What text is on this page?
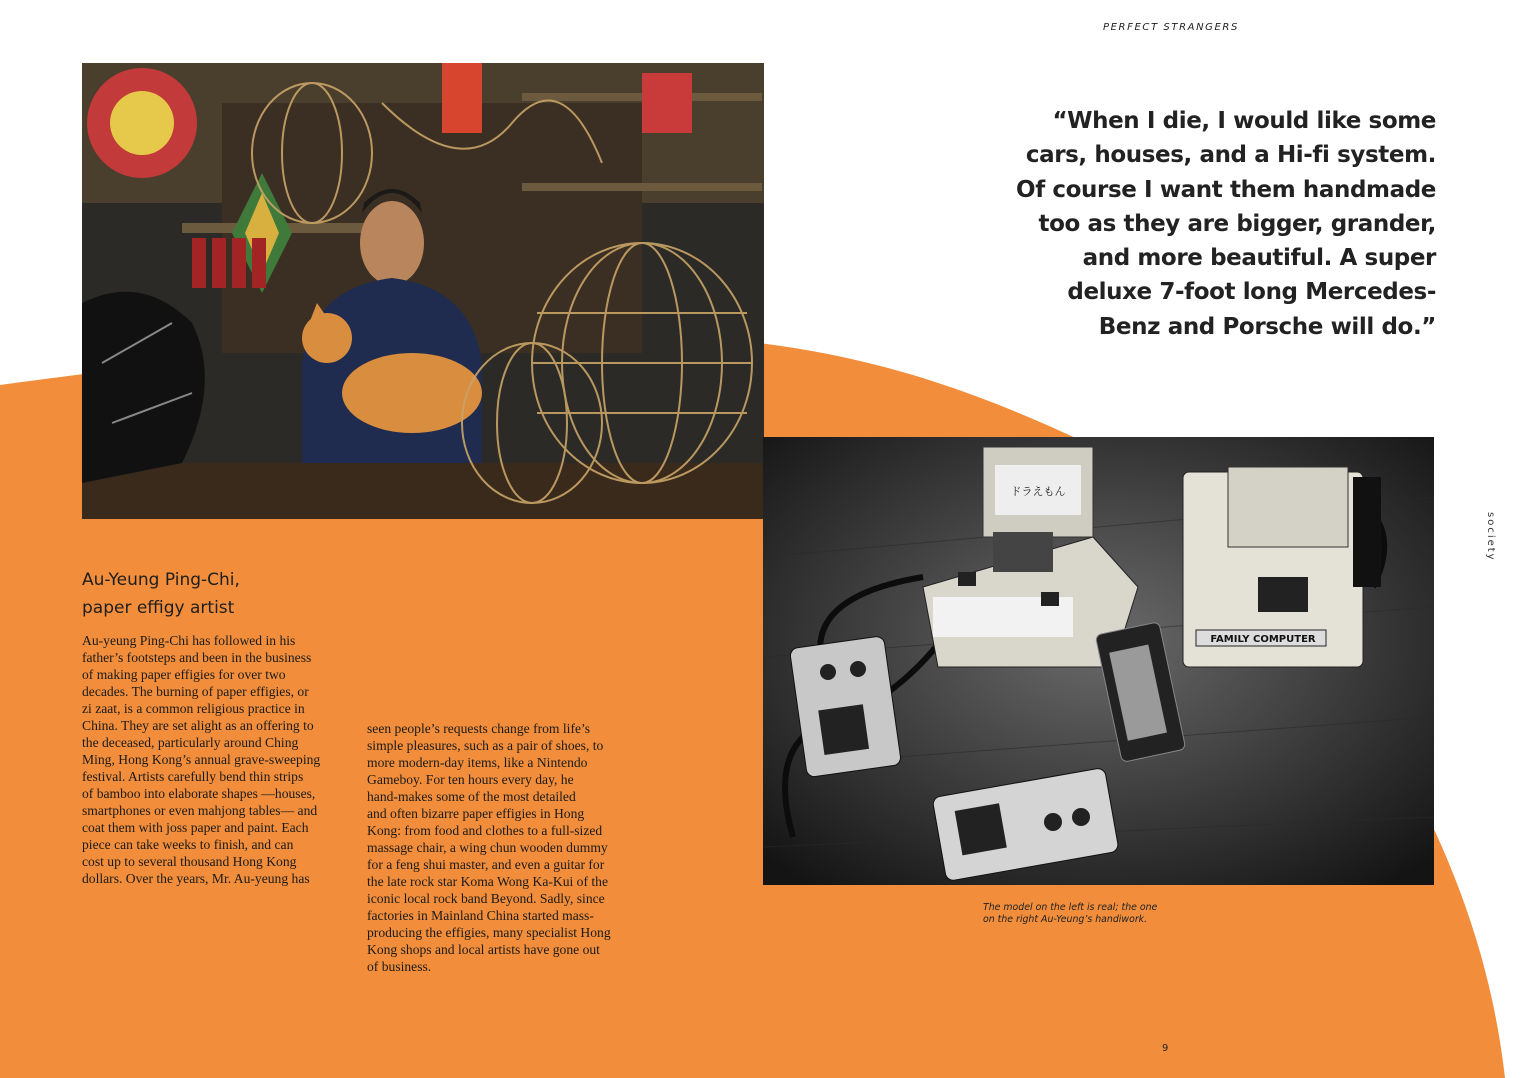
PERFECT STRANGERS
ドラえもん
FAMILY COMPUTER
“When I die, I would like some
cars, houses, and a Hi-fi system.
Of course I want them handmade
too as they are bigger, grander,
and more beautiful. A super
deluxe 7-foot long Mercedes-
Benz and Porsche will do.”
Au-Yeung Ping-Chi,
paper effigy artist
Au-yeung Ping-Chi has followed in his
father’s footsteps and been in the business
of making paper effigies for over two
decades. The burning of paper effigies, or
zi zaat, is a common religious practice in
China. They are set alight as an offering to
the deceased, particularly around Ching
Ming, Hong Kong’s annual grave-sweeping
festival. Artists carefully bend thin strips
of bamboo into elaborate shapes —houses,
smartphones or even mahjong tables— and
coat them with joss paper and paint. Each
piece can take weeks to finish, and can
cost up to several thousand Hong Kong
dollars. Over the years, Mr. Au-yeung has
seen people’s requests change from life’s
simple pleasures, such as a pair of shoes, to
more modern-day items, like a Nintendo
Gameboy. For ten hours every day, he
hand-makes some of the most detailed
and often bizarre paper effigies in Hong
Kong: from food and clothes to a full-sized
massage chair, a wing chun wooden dummy
for a feng shui master, and even a guitar for
the late rock star Koma Wong Ka-Kui of the
iconic local rock band Beyond. Sadly, since
factories in Mainland China started mass-
producing the effigies, many specialist Hong
Kong shops and local artists have gone out
of business.
The model on the left is real; the one
on the right Au-Yeung’s handiwork.
society
9
